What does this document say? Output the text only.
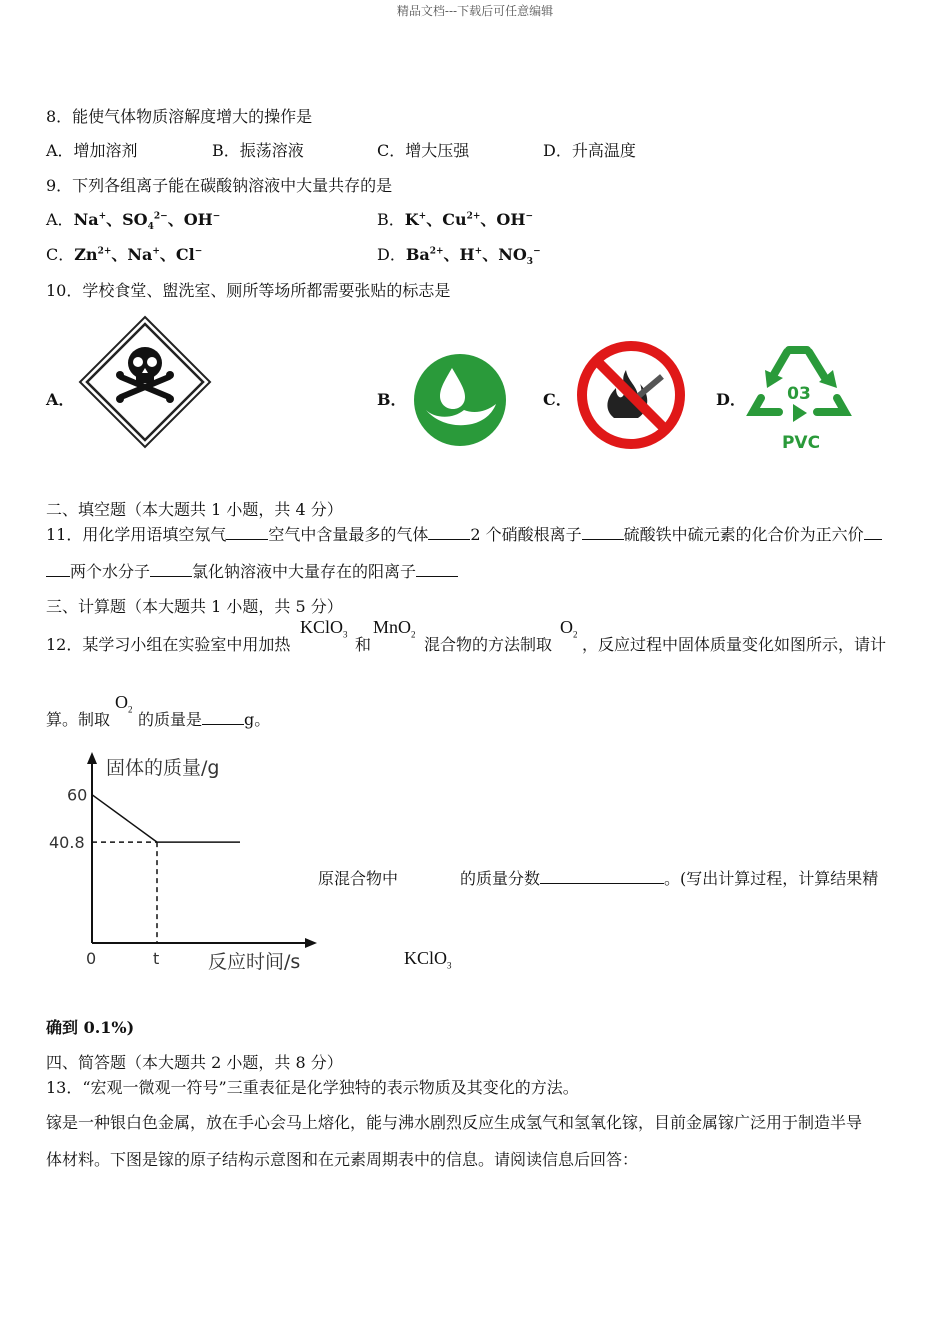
精品文档---下载后可任意编辑
8．能使气体物质溶解度增大的操作是
A．增加溶剂	B．振荡溶液	C．增大压强	D．升高温度
9．下列各组离子能在碳酸钠溶液中大量共存的是
A．Na+、$SO_4^{2-}$、OH−	B．K+、$Cu^{2+}$、OH−
C．$Zn^{2+}$、Na+、Cl−	D．$Ba^{2+}$、H+、$NO_3^-$
10．学校食堂、盥洗室、厕所等场所都需要张贴的标志是
A．	B．	C．	D． 03
PVC
二、填空题（本大题共 1 小题，共 4 分）
11．用化学用语填空氖气	空气中含量最多的气体	2 个硝酸根离子	硫酸铁中硫元素的化合价为正六价
两个水分子	氯化钠溶液中大量存在的阳离子
三、计算题（本大题共 1 小题，共 5 分）
12．某学习小组在实验室中用加热
KClO$_3$
和
MnO$_2$
混合物的方法制取
$O_2$
，反应过程中固体质量变化如图所示，请计
算。制取
$O_2$
的质量是	g。
固体的质量/g
反应时间/s
60
40.8
0	t
原混合物中	的质量分数	。(写出计算过程，计算结果精
KClO$_3$
确到 0.1%)
四、简答题（本大题共 2 小题，共 8 分）
13．“宏观一微观一符号”三重表征是化学独特的表示物质及其变化的方法。
镓是一种银白色金属，放在手心会马上熔化，能与沸水剧烈反应生成氢气和氢氧化镓，目前金属镓广泛用于制造半导
体材料。下图是镓的原子结构示意图和在元素周期表中的信息。请阅读信息后回答：
